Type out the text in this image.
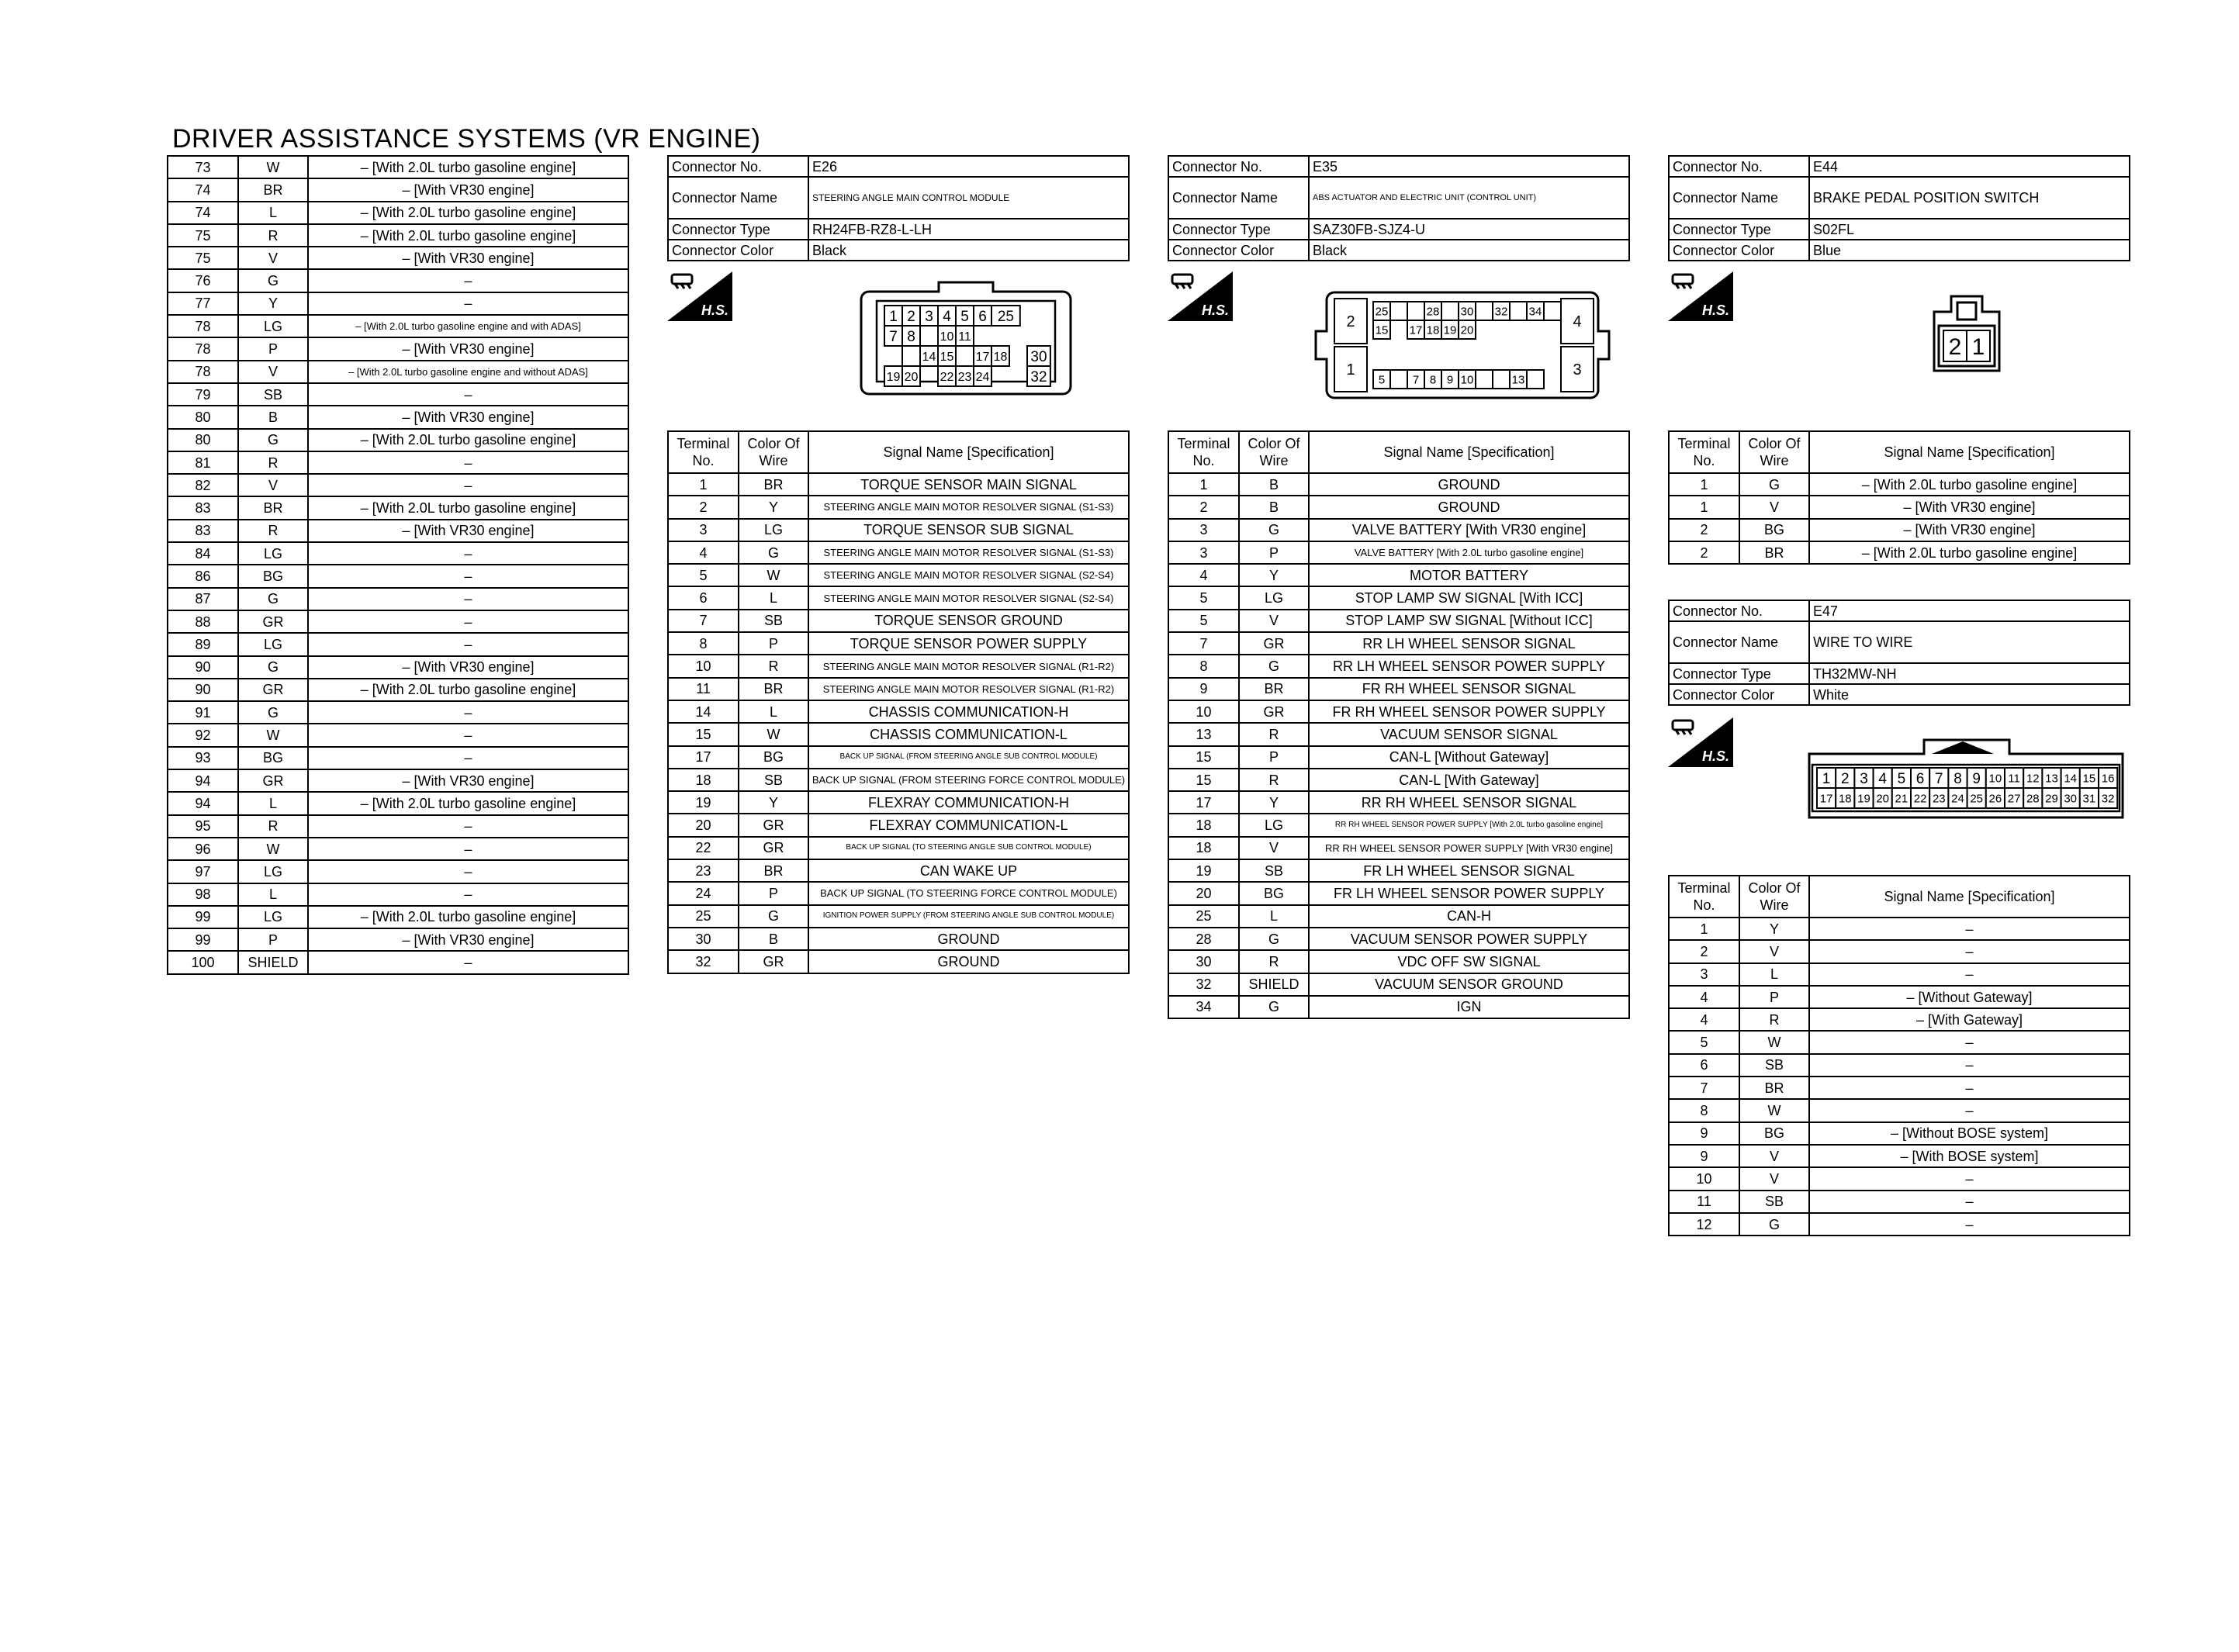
DRIVER ASSISTANCE SYSTEMS (VR ENGINE)
73	W	– [With 2.0L turbo gasoline engine]
74	BR	– [With VR30 engine]
74	L	– [With 2.0L turbo gasoline engine]
75	R	– [With 2.0L turbo gasoline engine]
75	V	– [With VR30 engine]
76	G	–
77	Y	–
78	LG	– [With 2.0L turbo gasoline engine and with ADAS]
78	P	– [With VR30 engine]
78	V	– [With 2.0L turbo gasoline engine and without ADAS]
79	SB	–
80	B	– [With VR30 engine]
80	G	– [With 2.0L turbo gasoline engine]
81	R	–
82	V	–
83	BR	– [With 2.0L turbo gasoline engine]
83	R	– [With VR30 engine]
84	LG	–
86	BG	–
87	G	–
88	GR	–
89	LG	–
90	G	– [With VR30 engine]
90	GR	– [With 2.0L turbo gasoline engine]
91	G	–
92	W	–
93	BG	–
94	GR	– [With VR30 engine]
94	L	– [With 2.0L turbo gasoline engine]
95	R	–
96	W	–
97	LG	–
98	L	–
99	LG	– [With 2.0L turbo gasoline engine]
99	P	– [With VR30 engine]
100	SHIELD	–
Connector No.	E26
Connector Name	STEERING ANGLE MAIN CONTROL MODULE
Connector Type	RH24FB-RZ8-L-LH
Connector Color	Black
H.S.	1 2 3 4 5 6 25
7 8 10 11
14 15 17 18 30
19 20 22 23 24	32
Terminal No.	Color Of Wire	Signal Name [Specification]
1	BR	TORQUE SENSOR MAIN SIGNAL
2	Y	STEERING ANGLE MAIN MOTOR RESOLVER SIGNAL (S1-S3)
3	LG	TORQUE SENSOR SUB SIGNAL
4	G	STEERING ANGLE MAIN MOTOR RESOLVER SIGNAL (S1-S3)
5	W	STEERING ANGLE MAIN MOTOR RESOLVER SIGNAL (S2-S4)
6	L	STEERING ANGLE MAIN MOTOR RESOLVER SIGNAL (S2-S4)
7	SB	TORQUE SENSOR GROUND
8	P	TORQUE SENSOR POWER SUPPLY
10	R	STEERING ANGLE MAIN MOTOR RESOLVER SIGNAL (R1-R2)
11	BR	STEERING ANGLE MAIN MOTOR RESOLVER SIGNAL (R1-R2)
14	L	CHASSIS COMMUNICATION-H
15	W	CHASSIS COMMUNICATION-L
17	BG	BACK UP SIGNAL (FROM STEERING ANGLE SUB CONTROL MODULE)
18	SB	BACK UP SIGNAL (FROM STEERING FORCE CONTROL MODULE)
19	Y	FLEXRAY COMMUNICATION-H
20	GR	FLEXRAY COMMUNICATION-L
22	GR	BACK UP SIGNAL (TO STEERING ANGLE SUB CONTROL MODULE)
23	BR	CAN WAKE UP
24	P	BACK UP SIGNAL (TO STEERING FORCE CONTROL MODULE)
25	G	IGNITION POWER SUPPLY (FROM STEERING ANGLE SUB CONTROL MODULE)
30	B	GROUND
32	GR	GROUND
Connector No.	E35
Connector Name	ABS ACTUATOR AND ELECTRIC UNIT (CONTROL UNIT)
Connector Type	SAZ30FB-SJZ4-U
Connector Color	Black
H.S.
2	4
1	3
25	28 30 32 34
15 17 18 19 20
5 7 8 9 10	13
Terminal No.	Color Of Wire	Signal Name [Specification]
1	B	GROUND
2	B	GROUND
3	G	VALVE BATTERY [With VR30 engine]
3	P	VALVE BATTERY [With 2.0L turbo gasoline engine]
4	Y	MOTOR BATTERY
5	LG	STOP LAMP SW SIGNAL [With ICC]
5	V	STOP LAMP SW SIGNAL [Without ICC]
7	GR	RR LH WHEEL SENSOR SIGNAL
8	G	RR LH WHEEL SENSOR POWER SUPPLY
9	BR	FR RH WHEEL SENSOR SIGNAL
10	GR	FR RH WHEEL SENSOR POWER SUPPLY
13	R	VACUUM SENSOR SIGNAL
15	P	CAN-L [Without Gateway]
15	R	CAN-L [With Gateway]
17	Y	RR RH WHEEL SENSOR SIGNAL
18	LG	RR RH WHEEL SENSOR POWER SUPPLY [With 2.0L turbo gasoline engine]
18	V	RR RH WHEEL SENSOR POWER SUPPLY [With VR30 engine]
19	SB	FR LH WHEEL SENSOR SIGNAL
20	BG	FR LH WHEEL SENSOR POWER SUPPLY
25	L	CAN-H
28	G	VACUUM SENSOR POWER SUPPLY
30	R	VDC OFF SW SIGNAL
32	SHIELD	VACUUM SENSOR GROUND
34	G	IGN
Connector No.	E44
Connector Name	BRAKE PEDAL POSITION SWITCH
Connector Type	S02FL
Connector Color	Blue
H.S.
2 1
Terminal No.	Color Of Wire	Signal Name [Specification]
1	G	– [With 2.0L turbo gasoline engine]
1	V	– [With VR30 engine]
2	BG	– [With VR30 engine]
2	BR	– [With 2.0L turbo gasoline engine]
Connector No.	E47
Connector Name	WIRE TO WIRE
Connector Type	TH32MW-NH
Connector Color	White
H.S.
1 2 3 4 5 6 7 8 9 10 11 12 13 14 15 16
17 18 19 20 21 22 23 24 25 26 27 28 29 30 31 32
Terminal No.	Color Of Wire	Signal Name [Specification]
1	Y	–
2	V	–
3	L	–
4	P	– [Without Gateway]
4	R	– [With Gateway]
5	W	–
6	SB	–
7	BR	–
8	W	–
9	BG	– [Without BOSE system]
9	V	– [With BOSE system]
10	V	–
11	SB	–
12	G	–
